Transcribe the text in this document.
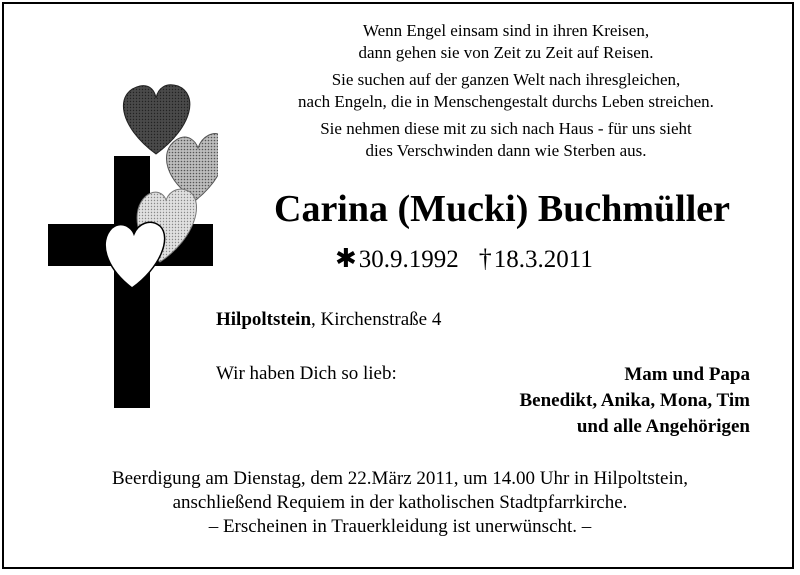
Wenn Engel einsam sind in ihren Kreisen,
dann gehen sie von Zeit zu Zeit auf Reisen.
Sie suchen auf der ganzen Welt nach ihresgleichen,
nach Engeln, die in Menschengestalt durchs Leben streichen.
Sie nehmen diese mit zu sich nach Haus - für uns sieht
dies Verschwinden dann wie Sterben aus.
Carina (Mucki) Buchmüller
✱30.9.1992 †18.3.2011
Hilpoltstein, Kirchenstraße 4
Wir haben Dich so lieb:	Mam und Papa
Benedikt, Anika, Mona, Tim
und alle Angehörigen
Beerdigung am Dienstag, dem 22.März 2011, um 14.00 Uhr in Hilpoltstein,
anschließend Requiem in der katholischen Stadtpfarrkirche.
– Erscheinen in Trauerkleidung ist unerwünscht. –
